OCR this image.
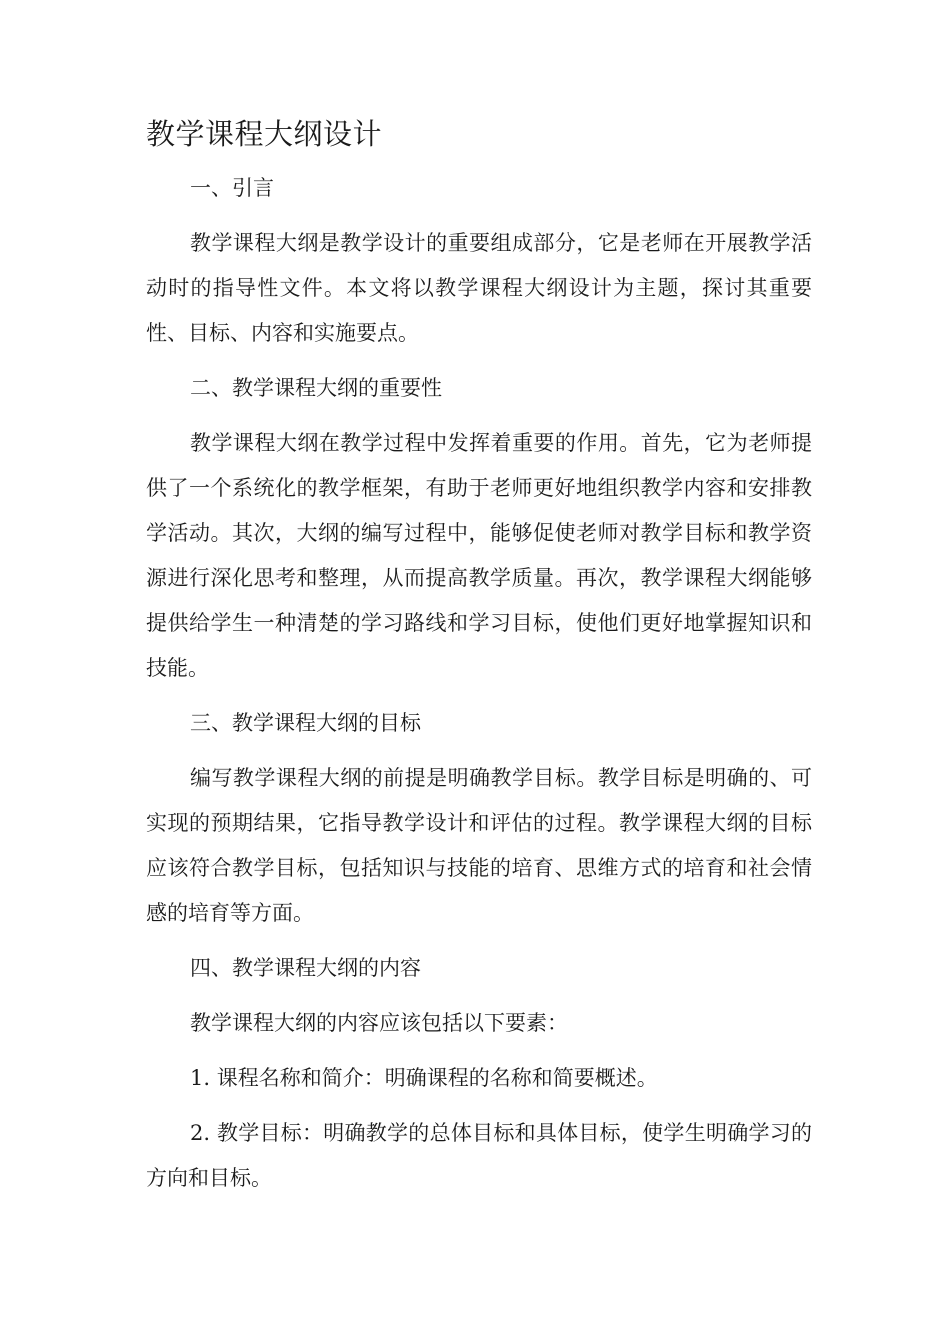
教学课程大纲设计

一、引言

教学课程大纲是教学设计的重要组成部分，它是老师在开展教学活动时的指导性文件。本文将以教学课程大纲设计为主题，探讨其重要性、目标、内容和实施要点。

二、教学课程大纲的重要性

教学课程大纲在教学过程中发挥着重要的作用。首先，它为老师提供了一个系统化的教学框架，有助于老师更好地组织教学内容和安排教学活动。其次，大纲的编写过程中，能够促使老师对教学目标和教学资源进行深化思考和整理，从而提高教学质量。再次，教学课程大纲能够提供给学生一种清楚的学习路线和学习目标，使他们更好地掌握知识和技能。

三、教学课程大纲的目标

编写教学课程大纲的前提是明确教学目标。教学目标是明确的、可实现的预期结果，它指导教学设计和评估的过程。教学课程大纲的目标应该符合教学目标，包括知识与技能的培育、思维方式的培育和社会情感的培育等方面。

四、教学课程大纲的内容

教学课程大纲的内容应该包括以下要素：

1. 课程名称和简介：明确课程的名称和简要概述。

2. 教学目标：明确教学的总体目标和具体目标，使学生明确学习的方向和目标。
